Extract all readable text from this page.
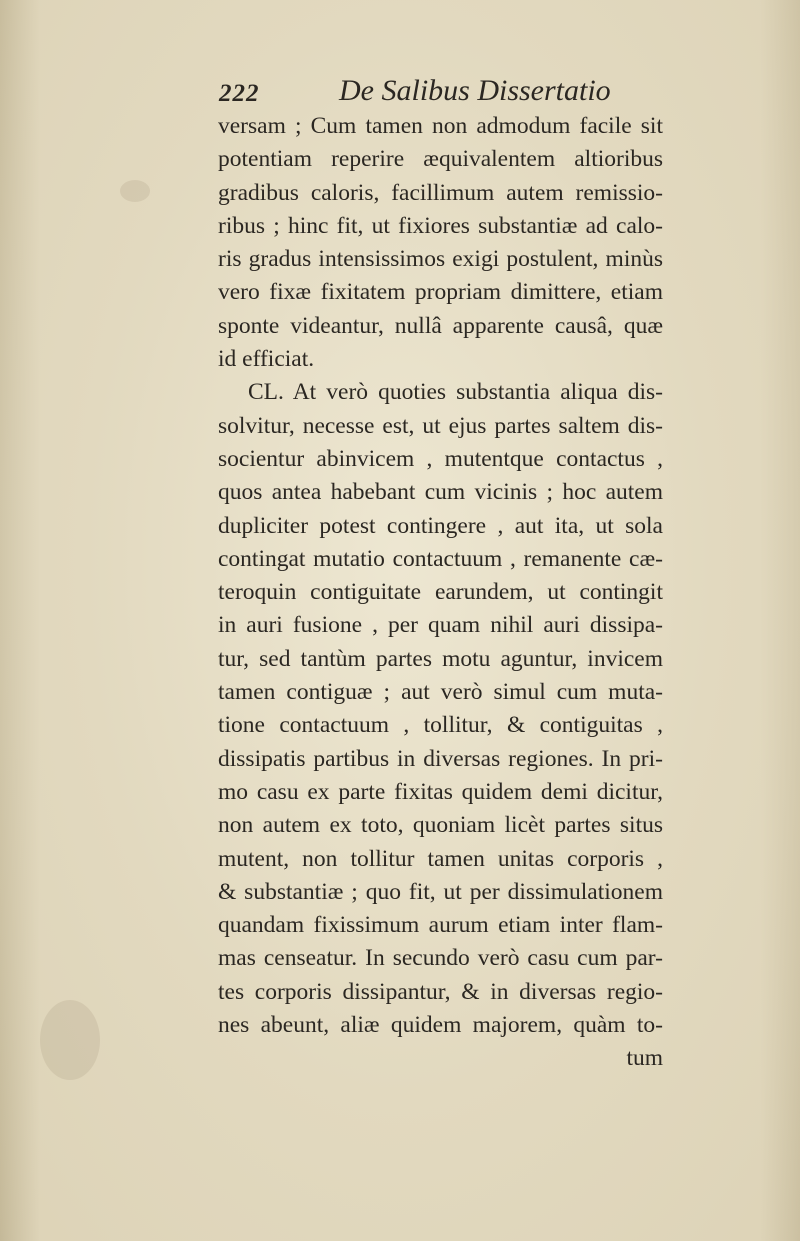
222	De Salibus Dissertatio
versam ; Cum tamen non admodum facile sit
potentiam reperire æquivalentem altioribus
gradibus caloris, facillimum autem remissio-
ribus ; hinc fit, ut fixiores substantiæ ad calo-
ris gradus intensissimos exigi postulent, minùs
vero fixæ fixitatem propriam dimittere, etiam
sponte videantur, nullâ apparente causâ, quæ
id efficiat.
CL. At verò quoties substantia aliqua dis-
solvitur, necesse est, ut ejus partes saltem dis-
socientur abinvicem , mutentque contactus ,
quos antea habebant cum vicinis ; hoc autem
dupliciter potest contingere , aut ita, ut sola
contingat mutatio contactuum , remanente cæ-
teroquin contiguitate earundem, ut contingit
in auri fusione , per quam nihil auri dissipa-
tur, sed tantùm partes motu aguntur, invicem
tamen contiguæ ; aut verò simul cum muta-
tione contactuum , tollitur, & contiguitas ,
dissipatis partibus in diversas regiones. In pri-
mo casu ex parte fixitas quidem demi dicitur,
non autem ex toto, quoniam licèt partes situs
mutent, non tollitur tamen unitas corporis ,
& substantiæ ; quo fit, ut per dissimulationem
quandam fixissimum aurum etiam inter flam-
mas censeatur. In secundo verò casu cum par-
tes corporis dissipantur, & in diversas regio-
nes abeunt, aliæ quidem majorem, quàm to-
tum
